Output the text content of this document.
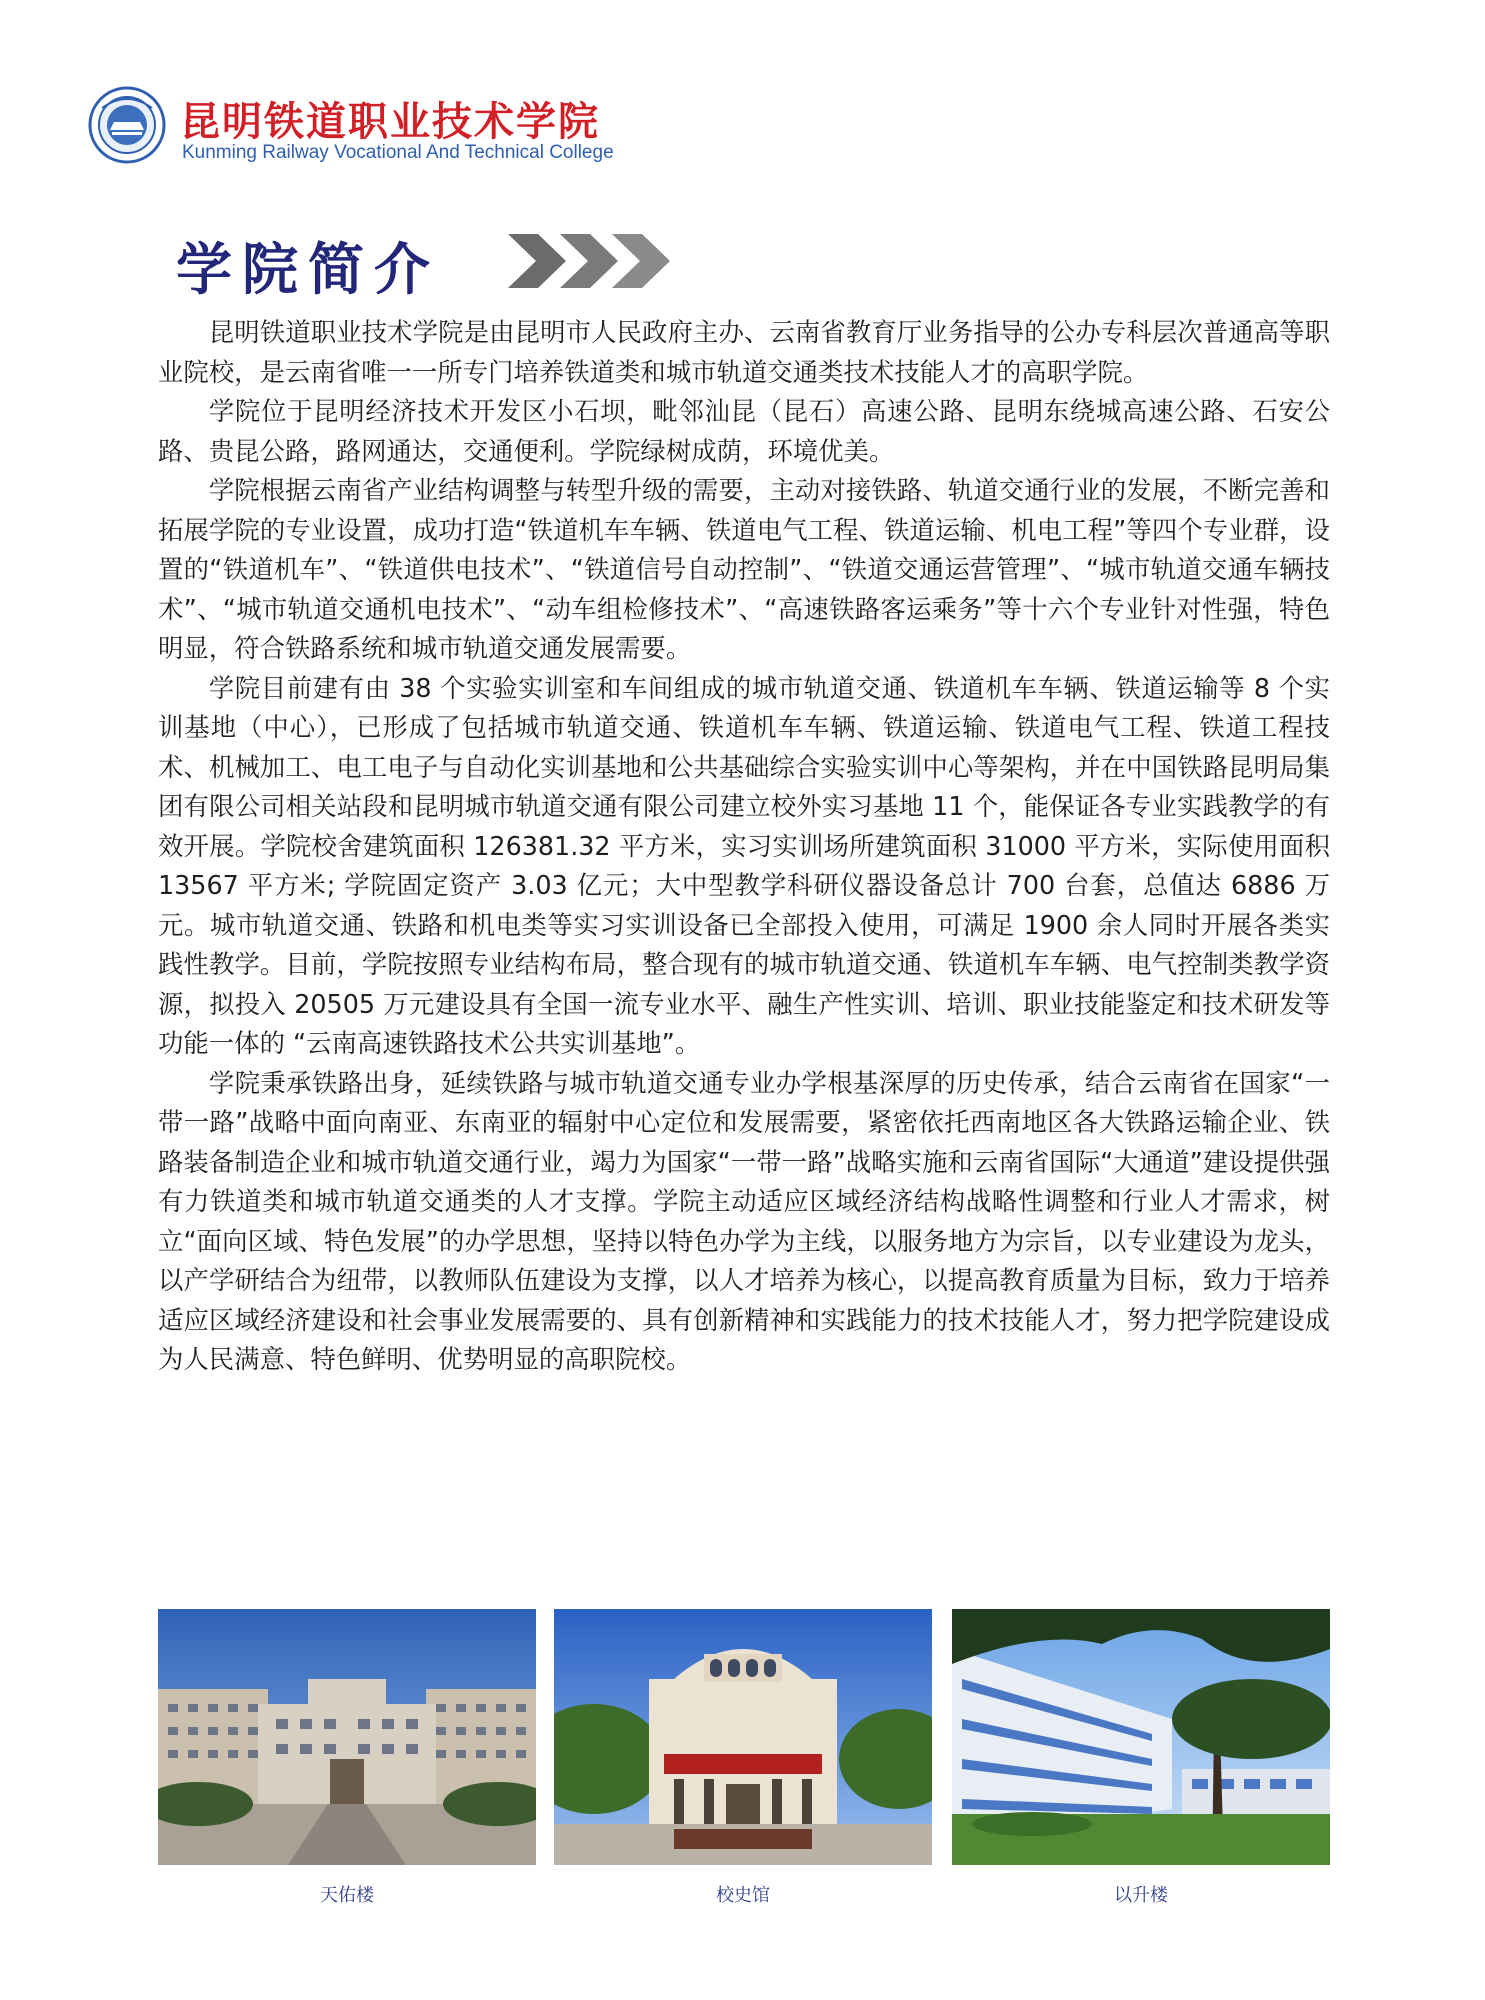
昆明铁道职业技术学院
Kunming Railway Vocational And Technical College
学院简介

昆明铁道职业技术学院是由昆明市人民政府主办、云南省教育厅业务指导的公办专科层次普通高等职业院校，是云南省唯一一所专门培养铁道类和城市轨道交通类技术技能人才的高职学院。

学院位于昆明经济技术开发区小石坝，毗邻汕昆（昆石）高速公路、昆明东绕城高速公路、石安公路、贵昆公路，路网通达，交通便利。学院绿树成荫，环境优美。

学院根据云南省产业结构调整与转型升级的需要，主动对接铁路、轨道交通行业的发展，不断完善和拓展学院的专业设置，成功打造“铁道机车车辆、铁道电气工程、铁道运输、机电工程”等四个专业群，设置的“铁道机车”、“铁道供电技术”、“铁道信号自动控制”、“铁道交通运营管理”、“城市轨道交通车辆技术”、“城市轨道交通机电技术”、“动车组检修技术”、“高速铁路客运乘务”等十六个专业针对性强，特色明显，符合铁路系统和城市轨道交通发展需要。

学院目前建有由 38 个实验实训室和车间组成的城市轨道交通、铁道机车车辆、铁道运输等 8 个实训基地（中心），已形成了包括城市轨道交通、铁道机车车辆、铁道运输、铁道电气工程、铁道工程技术、机械加工、电工电子与自动化实训基地和公共基础综合实验实训中心等架构，并在中国铁路昆明局集团有限公司相关站段和昆明城市轨道交通有限公司建立校外实习基地 11 个，能保证各专业实践教学的有效开展。学院校舍建筑面积 126381.32 平方米，实习实训场所建筑面积 31000 平方米，实际使用面积 13567 平方米; 学院固定资产 3.03 亿元；大中型教学科研仪器设备总计 700 台套，总值达 6886 万元。城市轨道交通、铁路和机电类等实习实训设备已全部投入使用，可满足 1900 余人同时开展各类实践性教学。目前，学院按照专业结构布局，整合现有的城市轨道交通、铁道机车车辆、电气控制类教学资源，拟投入 20505 万元建设具有全国一流专业水平、融生产性实训、培训、职业技能鉴定和技术研发等功能一体的 “云南高速铁路技术公共实训基地”。

学院秉承铁路出身，延续铁路与城市轨道交通专业办学根基深厚的历史传承，结合云南省在国家“一带一路”战略中面向南亚、东南亚的辐射中心定位和发展需要，紧密依托西南地区各大铁路运输企业、铁路装备制造企业和城市轨道交通行业，竭力为国家“一带一路”战略实施和云南省国际“大通道”建设提供强有力铁道类和城市轨道交通类的人才支撑。学院主动适应区域经济结构战略性调整和行业人才需求，树立“面向区域、特色发展”的办学思想，坚持以特色办学为主线，以服务地方为宗旨，以专业建设为龙头，以产学研结合为纽带，以教师队伍建设为支撑，以人才培养为核心，以提高教育质量为目标，致力于培养适应区域经济建设和社会事业发展需要的、具有创新精神和实践能力的技术技能人才，努力把学院建设成为人民满意、特色鲜明、优势明显的高职院校。

天佑楼	校史馆	以升楼
